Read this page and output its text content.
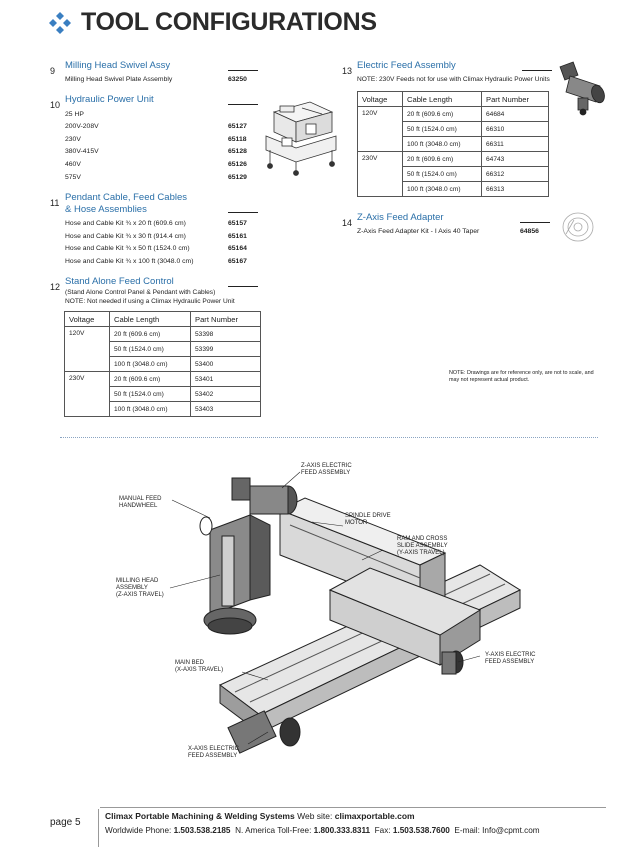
TOOL CONFIGURATIONS
9 Milling Head Swivel Assy
Milling Head Swivel Plate Assembly	63250
10 Hydraulic Power Unit
25 HP
200V-208V	65127
230V	65118
380V-415V	65128
460V	65126
575V	65129
11 Pendant Cable, Feed Cables
& Hose Assemblies
Hose and Cable Kit ¾ x 20 ft (609.6 cm)	65157
Hose and Cable Kit ¾ x 30 ft (914.4 cm)	65161
Hose and Cable Kit ¾ x 50 ft (1524.0 cm)	65164
Hose and Cable Kit ¾ x 100 ft (3048.0 cm)	65167
12 Stand Alone Feed Control
(Stand Alone Control Panel & Pendant with Cables)
NOTE: Not needed if using a Climax Hydraulic Power Unit
Voltage	Cable Length	Part Number
120V	20 ft (609.6 cm)	53398
	50 ft (1524.0 cm)	53399
	100 ft (3048.0 cm)	53400
230V	20 ft (609.6 cm)	53401
	50 ft (1524.0 cm)	53402
	100 ft (3048.0 cm)	53403
13 Electric Feed Assembly
NOTE: 230V Feeds not for use with Climax Hydraulic Power Units
Voltage	Cable Length	Part Number
120V	20 ft (609.6 cm)	64684
	50 ft (1524.0 cm)	66310
	100 ft (3048.0 cm)	66311
230V	20 ft (609.6 cm)	64743
	50 ft (1524.0 cm)	66312
	100 ft (3048.0 cm)	66313
14 Z-Axis Feed Adapter
Z-Axis Feed Adapter Kit - I Axis 40 Taper	64856
NOTE: Drawings are for reference only, are not to scale, and
may not represent actual product.
Z-AXIS ELECTRIC
FEED ASSEMBLY
MANUAL FEED
HANDWHEEL
SPINDLE DRIVE
MOTOR
RAM AND CROSS
SLIDE ASSEMBLY
(Y-AXIS TRAVEL)
MILLING HEAD
ASSEMBLY
(Z-AXIS TRAVEL)
Y-AXIS ELECTRIC
FEED ASSEMBLY
MAIN BED
(X-AXIS TRAVEL)
X-AXIS ELECTRIC
FEED ASSEMBLY
page 5
Climax Portable Machining & Welding Systems Web site: climaxportable.com
Worldwide Phone: 1.503.538.2185 N. America Toll-Free: 1.800.333.8311 Fax: 1.503.538.7600 E-mail: Info@cpmt.com
